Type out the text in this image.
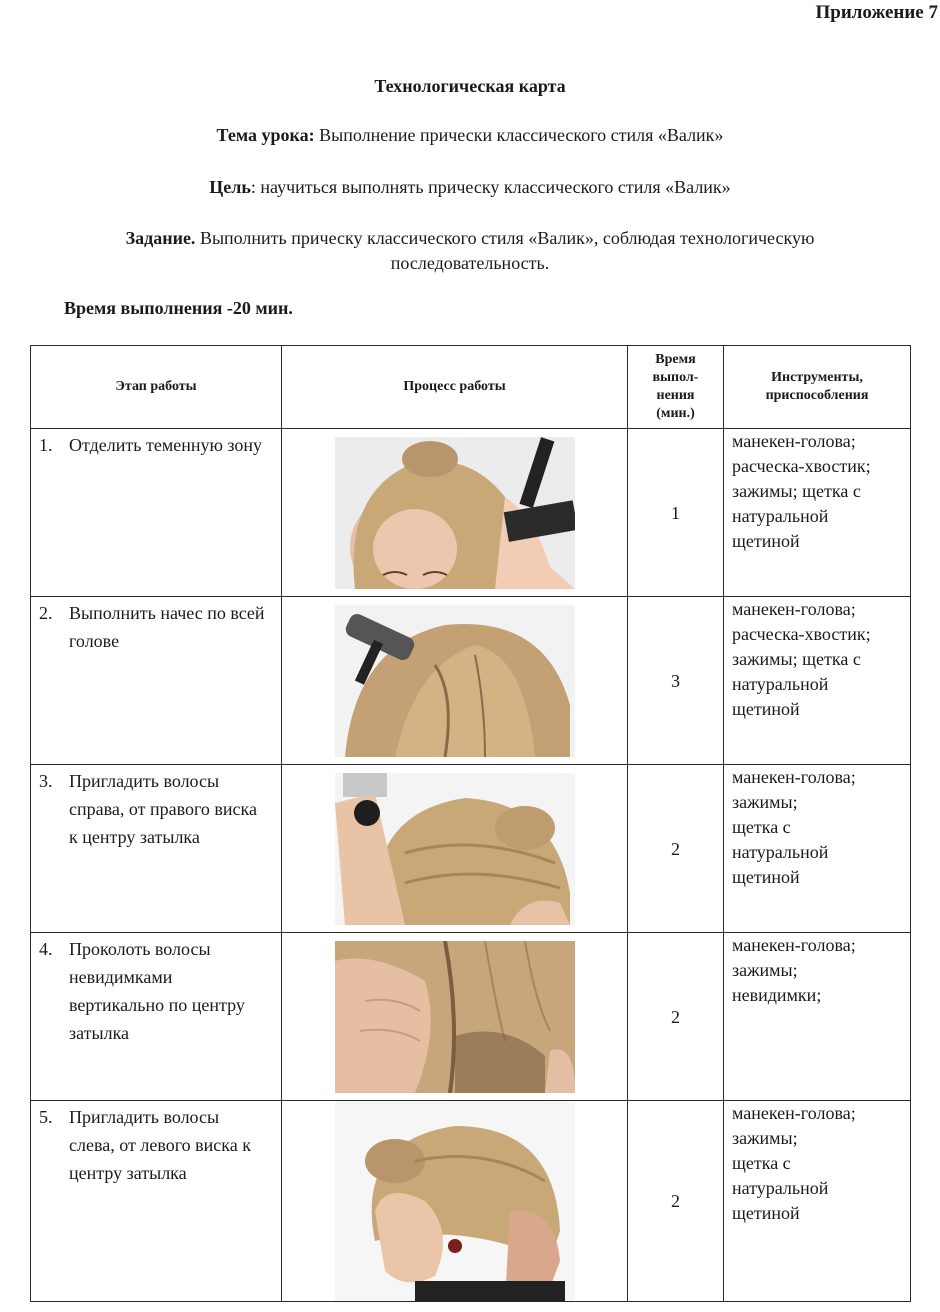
Приложение 7
Технологическая карта
Тема урока: Выполнение прически классического стиля «Валик»
Цель: научиться выполнять прическу классического стиля «Валик»
Задание. Выполнить прическу классического стиля «Валик», соблюдая технологическую
последовательность.
Время выполнения -20 мин.
Этап работы	Процесс работы	Время
выпол-
нения
(мин.)	Инструменты,
приспособления
1. Отделить теменную зону		1	манекен-голова;
расческа-хвостик;
зажимы; щетка с
натуральной
щетиной
2. Выполнить начес по всей голове		3	манекен-голова;
расческа-хвостик;
зажимы; щетка с
натуральной
щетиной
3. Пригладить волосы справа, от правого виска к центру затылка		2	манекен-голова;
зажимы;
щетка с
натуральной
щетиной
4. Проколоть волосы невидимками вертикально по центру затылка		2	манекен-голова;
зажимы;
невидимки;

5. Пригладить волосы слева, от левого виска к центру затылка		2	манекен-голова;
зажимы;
щетка с
натуральной
щетиной
